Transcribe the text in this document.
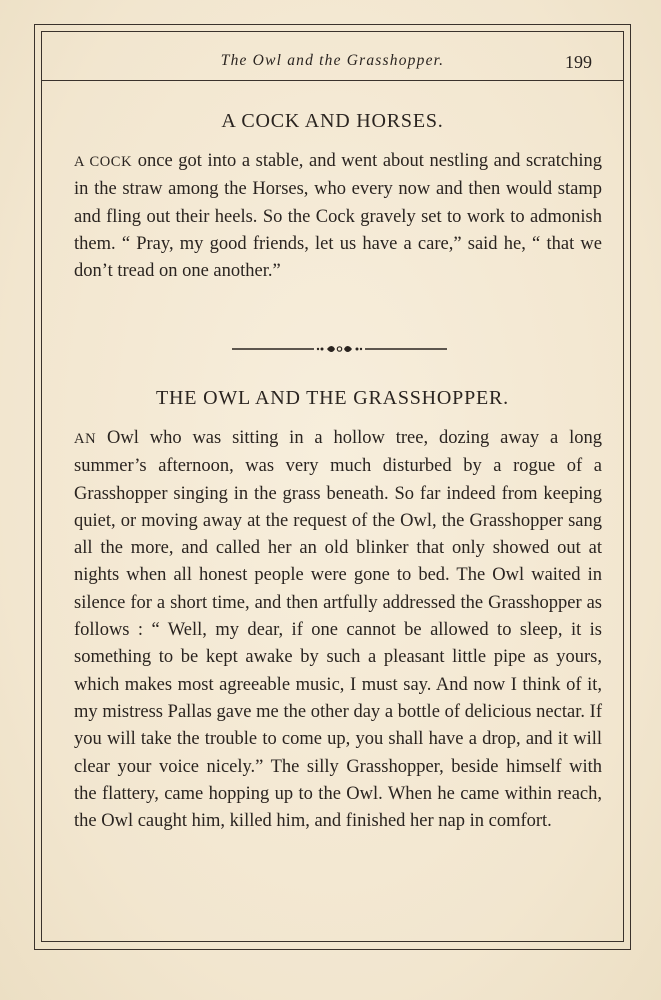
The Owl and the Grasshopper.	199
A COCK AND HORSES.

A COCK once got into a stable, and went about nestling and scratching in the straw among the Horses, who every now and then would stamp and fling out their heels. So the Cock gravely set to work to admonish them. “ Pray, my good friends, let us have a care,” said he, “ that we don’t tread on one another.”

THE OWL AND THE GRASSHOPPER.

AN Owl who was sitting in a hollow tree, dozing away a long summer’s afternoon, was very much disturbed by a rogue of a Grasshopper singing in the grass beneath. So far indeed from keeping quiet, or moving away at the request of the Owl, the Grasshopper sang all the more, and called her an old blinker that only showed out at nights when all honest people were gone to bed. The Owl waited in silence for a short time, and then artfully addressed the Grasshopper as follows : “ Well, my dear, if one cannot be allowed to sleep, it is something to be kept awake by such a pleasant little pipe as yours, which makes most agreeable music, I must say. And now I think of it, my mistress Pallas gave me the other day a bottle of delicious nectar. If you will take the trouble to come up, you shall have a drop, and it will clear your voice nicely.” The silly Grasshopper, beside himself with the flattery, came hopping up to the Owl. When he came within reach, the Owl caught him, killed him, and finished her nap in comfort.
